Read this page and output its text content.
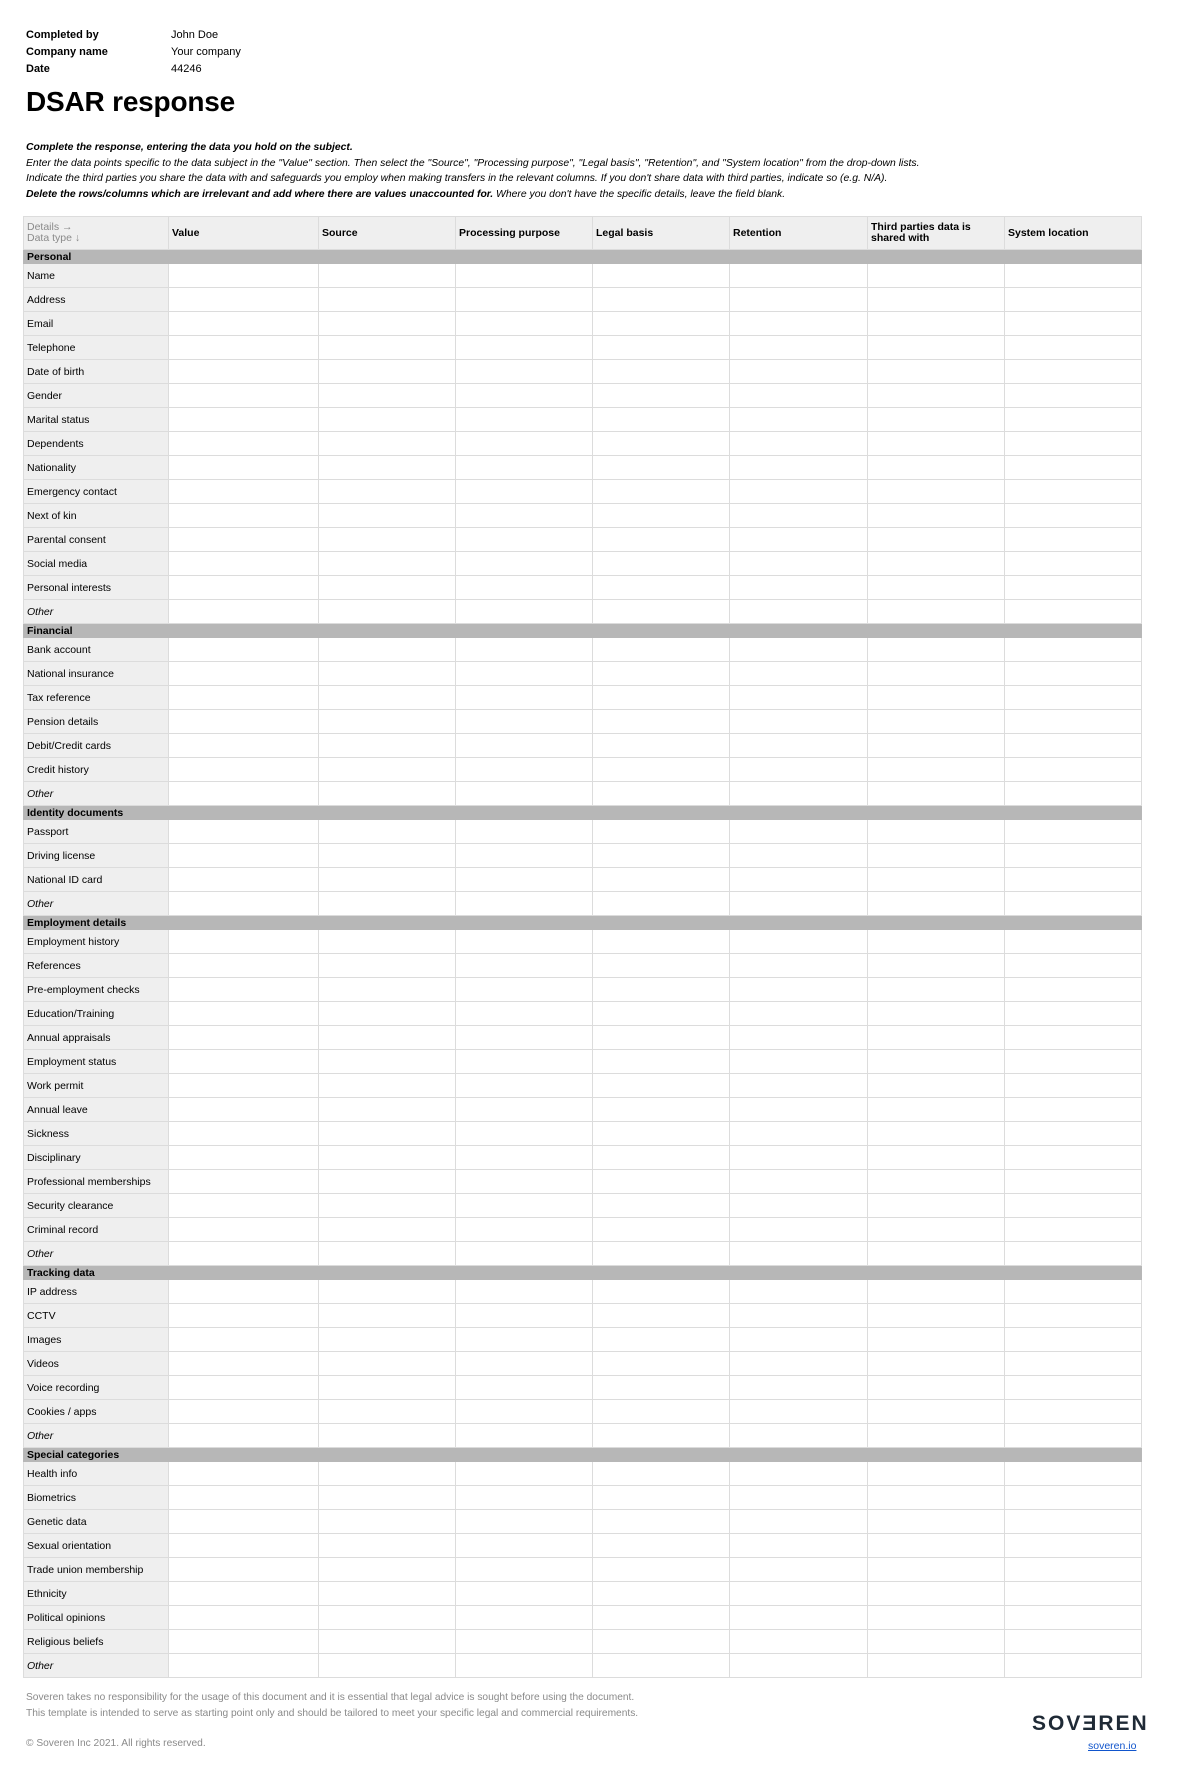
Completed by	John Doe
Company name	Your company
Date	44246
DSAR response

Complete the response, entering the data you hold on the subject.

Enter the data points specific to the data subject in the "Value" section. Then select the "Source", "Processing purpose", "Legal basis", "Retention", and "System location" from the drop-down lists.

Indicate the third parties you share the data with and safeguards you employ when making transfers in the relevant columns. If you don't share data with third parties, indicate so (e.g. N/A).

Delete the rows/columns which are irrelevant and add where there are values unaccounted for. Where you don't have the specific details, leave the field blank.

Details →
Data type ↓	Value	Source	Processing purpose	Legal basis	Retention	Third parties data is shared with	System location
Personal							
Name							
Address							
Email							
Telephone							
Date of birth							
Gender							
Marital status							
Dependents							
Nationality							
Emergency contact							
Next of kin							
Parental consent							
Social media							
Personal interests							
Other							
Financial							
Bank account							
National insurance							
Tax reference							
Pension details							
Debit/Credit cards							
Credit history							
Other							
Identity documents							
Passport							
Driving license							
National ID card							
Other							
Employment details							
Employment history							
References							
Pre-employment checks							
Education/Training							
Annual appraisals							
Employment status							
Work permit							
Annual leave							
Sickness							
Disciplinary							
Professional memberships							
Security clearance							
Criminal record							
Other							
Tracking data							
IP address							
CCTV							
Images							
Videos							
Voice recording							
Cookies / apps							
Other							
Special categories							
Health info							
Biometrics							
Genetic data							
Sexual orientation							
Trade union membership							
Ethnicity							
Political opinions							
Religious beliefs							
Other							

Soveren takes no responsibility for the usage of this document and it is essential that legal advice is sought before using the document.

This template is intended to serve as starting point only and should be tailored to meet your specific legal and commercial requirements.

© Soveren Inc 2021. All rights reserved.
SOVƎREN
soveren.io
